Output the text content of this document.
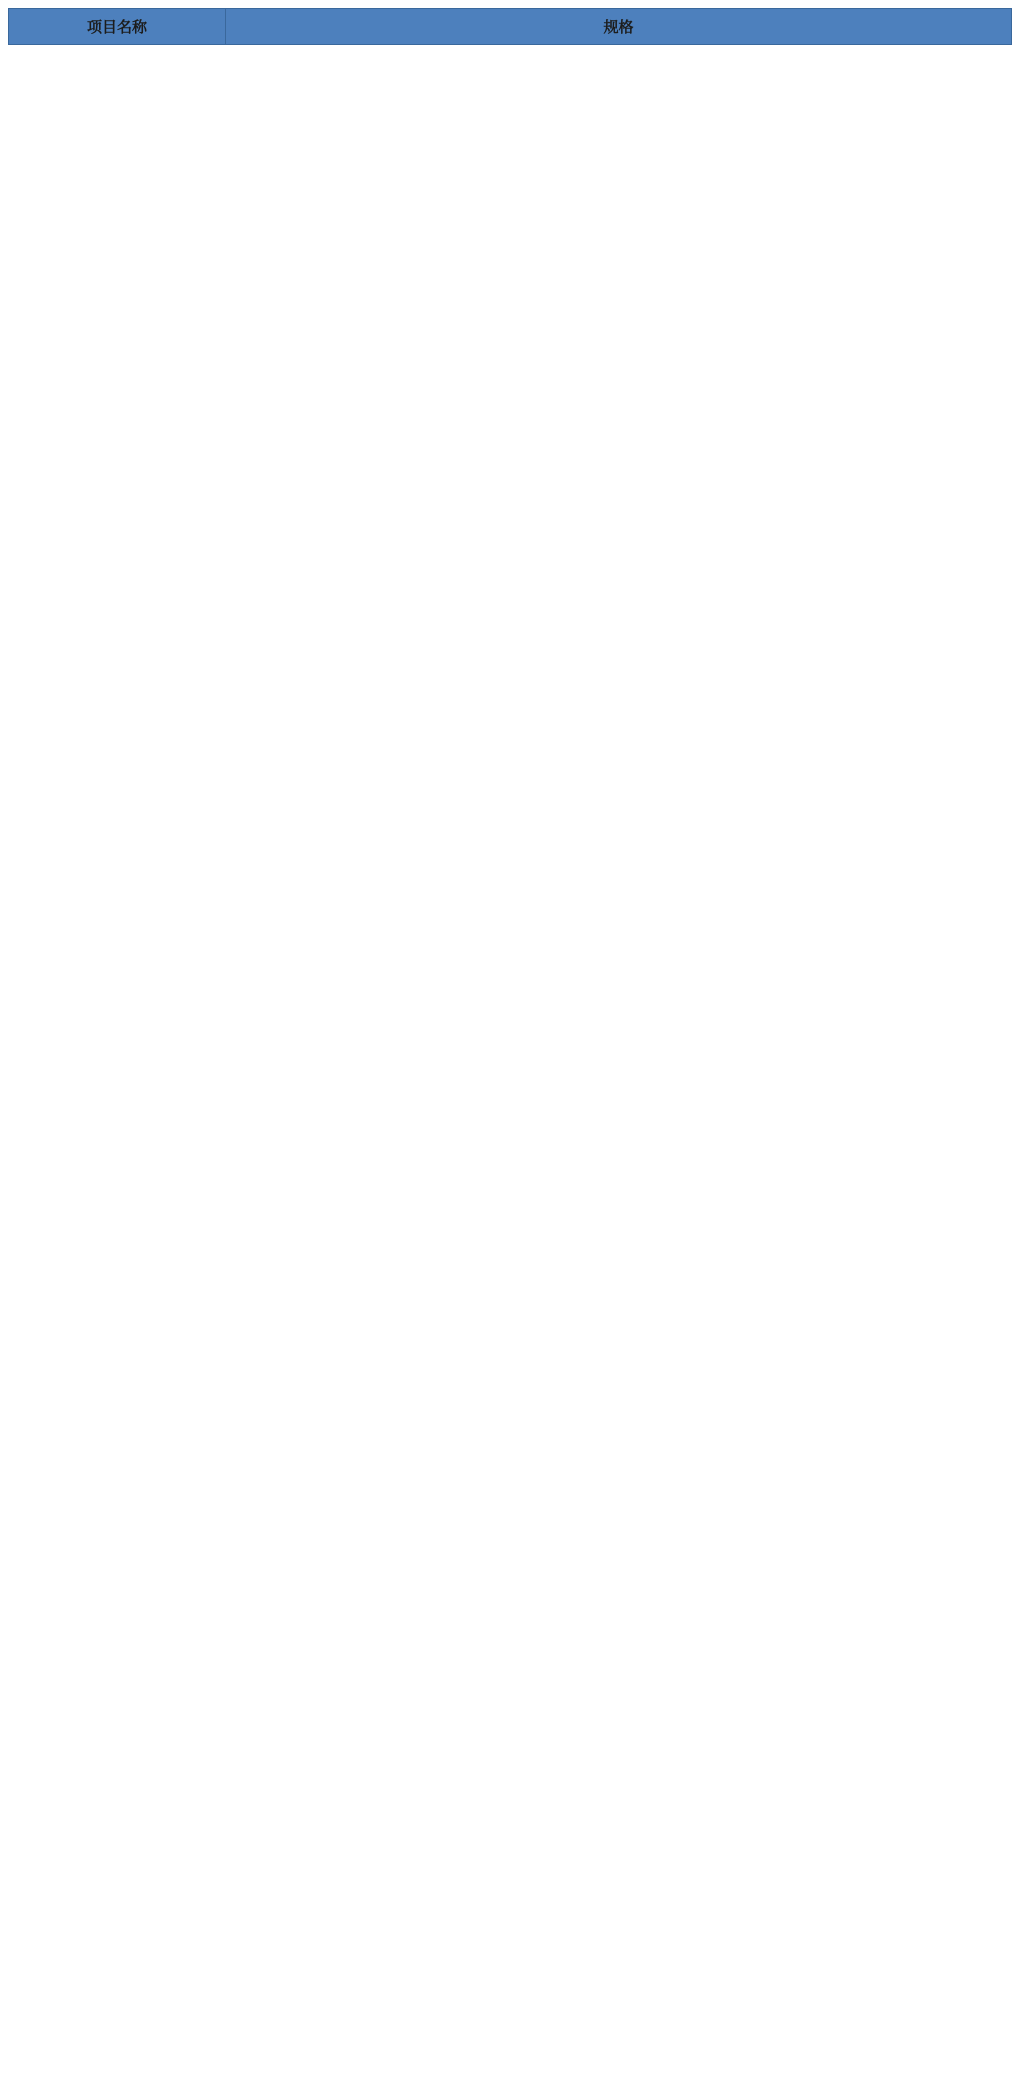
项目名称	规格
